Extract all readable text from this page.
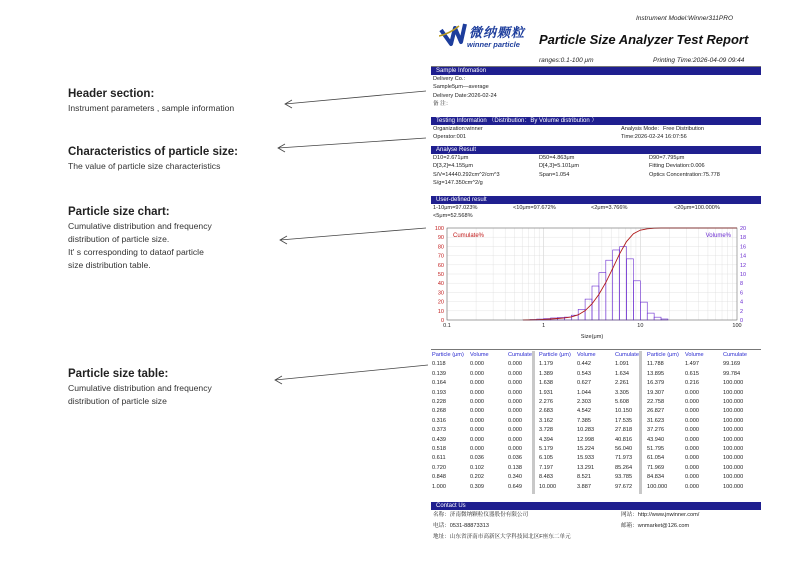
Header section:
Instrument parameters , sample information
Characteristics of particle size:
The value of particle size characteristics
Particle size chart:
Cumulative distribution and frequency
distribution of particle size.
It' s corresponding to dataof particle
size distribution table.
Particle size table:
Cumulative distribution and frequency
distribution of particle size
Instrument Model:Winner311PRO
微纳颗粒
winner particle Particle Size Analyzer Test Report
ranges:0.1-100 μm	Printing Time:2026-04-09 09:44
Sample Infomation
Delivery Co.:
Sample5μm—average
Delivery Date:2026-02-24
备 注：
Testing Information （Distribution：By Volume distribution ）
Organization:winner	Analysis Mode：Free Distribution
Operator:001	Time:2026-02-24 16:07:56
Analyse Result
D10=2.671μm	D50=4.863μm	D90=7.795μm
D[3,2]=4.155μm	D[4,3]=5.101μm	Fitting Deviation:0.006
S/V=14440.292cm^2/cm^3	Span=1.054	Optics Concentration:75.778
S/g=147.350cm^2/g
User-defined result
1-10μm=97.023%	<10μm=97.672%	<2μm=3.766%	<20μm=100.000%
<5μm=52.568%
0
10
20
30
40
50
60
70
80
90
100
0
2
4
6
8
10
12
14
16
18
20
0.1	1	10	100
Cumulate%	Volume%
Size(μm)
Particle (μm) Volume	Cumulate Particle (μm) Volume	Cumulate Particle (μm) Volume	Cumulate
0.118	0.000	0.000	1.179	0.442	1.091	11.788	1.497	99.169
0.139	0.000	0.000	1.389	0.543	1.634	13.895	0.615	99.784
0.164	0.000	0.000	1.638	0.627	2.261	16.379	0.216	100.000
0.193	0.000	0.000	1.931	1.044	3.305	19.307	0.000	100.000
0.228	0.000	0.000	2.276	2.303	5.608	22.758	0.000	100.000
0.268	0.000	0.000	2.683	4.542	10.150	26.827	0.000	100.000
0.316	0.000	0.000	3.162	7.385	17.535	31.623	0.000	100.000
0.373	0.000	0.000	3.728	10.283	27.818	37.276	0.000	100.000
0.439	0.000	0.000	4.394	12.998	40.816	43.940	0.000	100.000
0.518	0.000	0.000	5.179	15.224	56.040	51.795	0.000	100.000
0.611	0.036	0.036	6.105	15.933	71.973	61.054	0.000	100.000
0.720	0.102	0.138	7.197	13.291	85.264	71.969	0.000	100.000
0.848	0.202	0.340	8.483	8.521	93.785	84.834	0.000	100.000
1.000	0.309	0.649	10.000	3.887	97.672	100.000	0.000	100.000
Contact Us
名称：济南微纳颗粒仪器股份有限公司	网站：http://www.jnwinner.com/
电话：0531-88873313	邮箱：wnmarket@126.com
地址：山东省济南市高新区大学科技园北区F座东二单元
